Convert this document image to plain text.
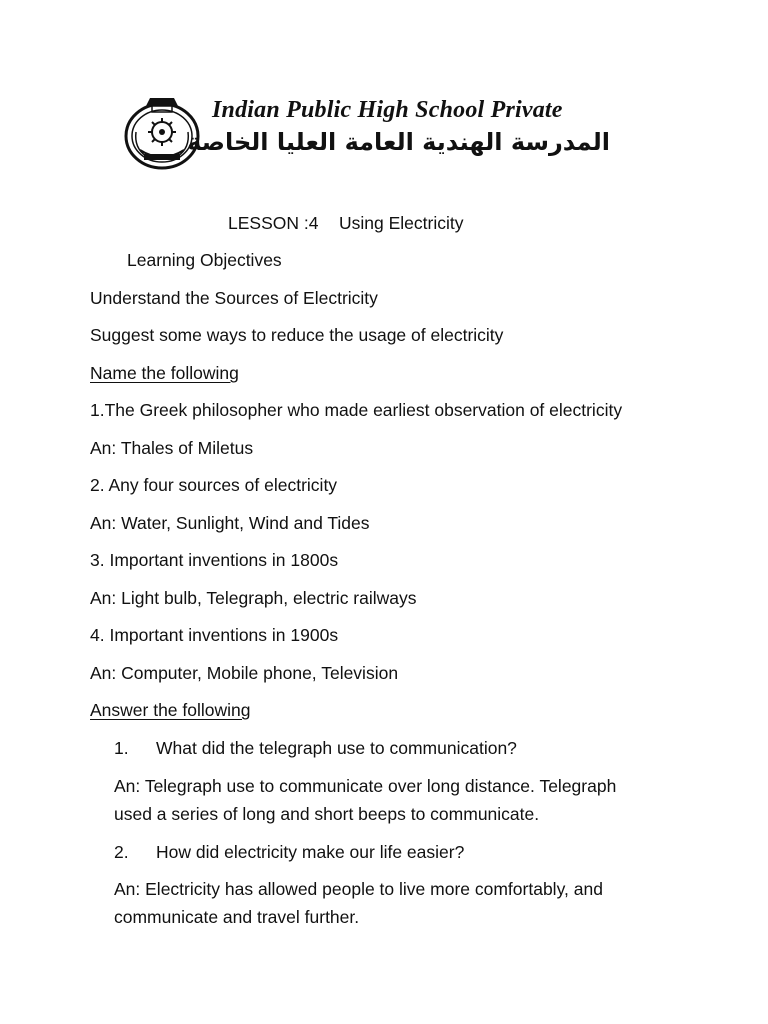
Indian Public High School Private
المدرسة الهندية العامة العليا الخاصة
LESSON :4 Using Electricity
Learning Objectives
Understand the Sources of Electricity
Suggest some ways to reduce the usage of electricity
Name the following
1.The Greek philosopher who made earliest observation of electricity
An: Thales of Miletus
2. Any four sources of electricity
An: Water, Sunlight, Wind and Tides
3. Important inventions in 1800s
An: Light bulb, Telegraph, electric railways
4. Important inventions in 1900s
An: Computer, Mobile phone, Television
Answer the following
1. What did the telegraph use to communication?
An: Telegraph use to communicate over long distance. Telegraph
used a series of long and short beeps to communicate.
2. How did electricity make our life easier?
An: Electricity has allowed people to live more comfortably, and
communicate and travel further.
